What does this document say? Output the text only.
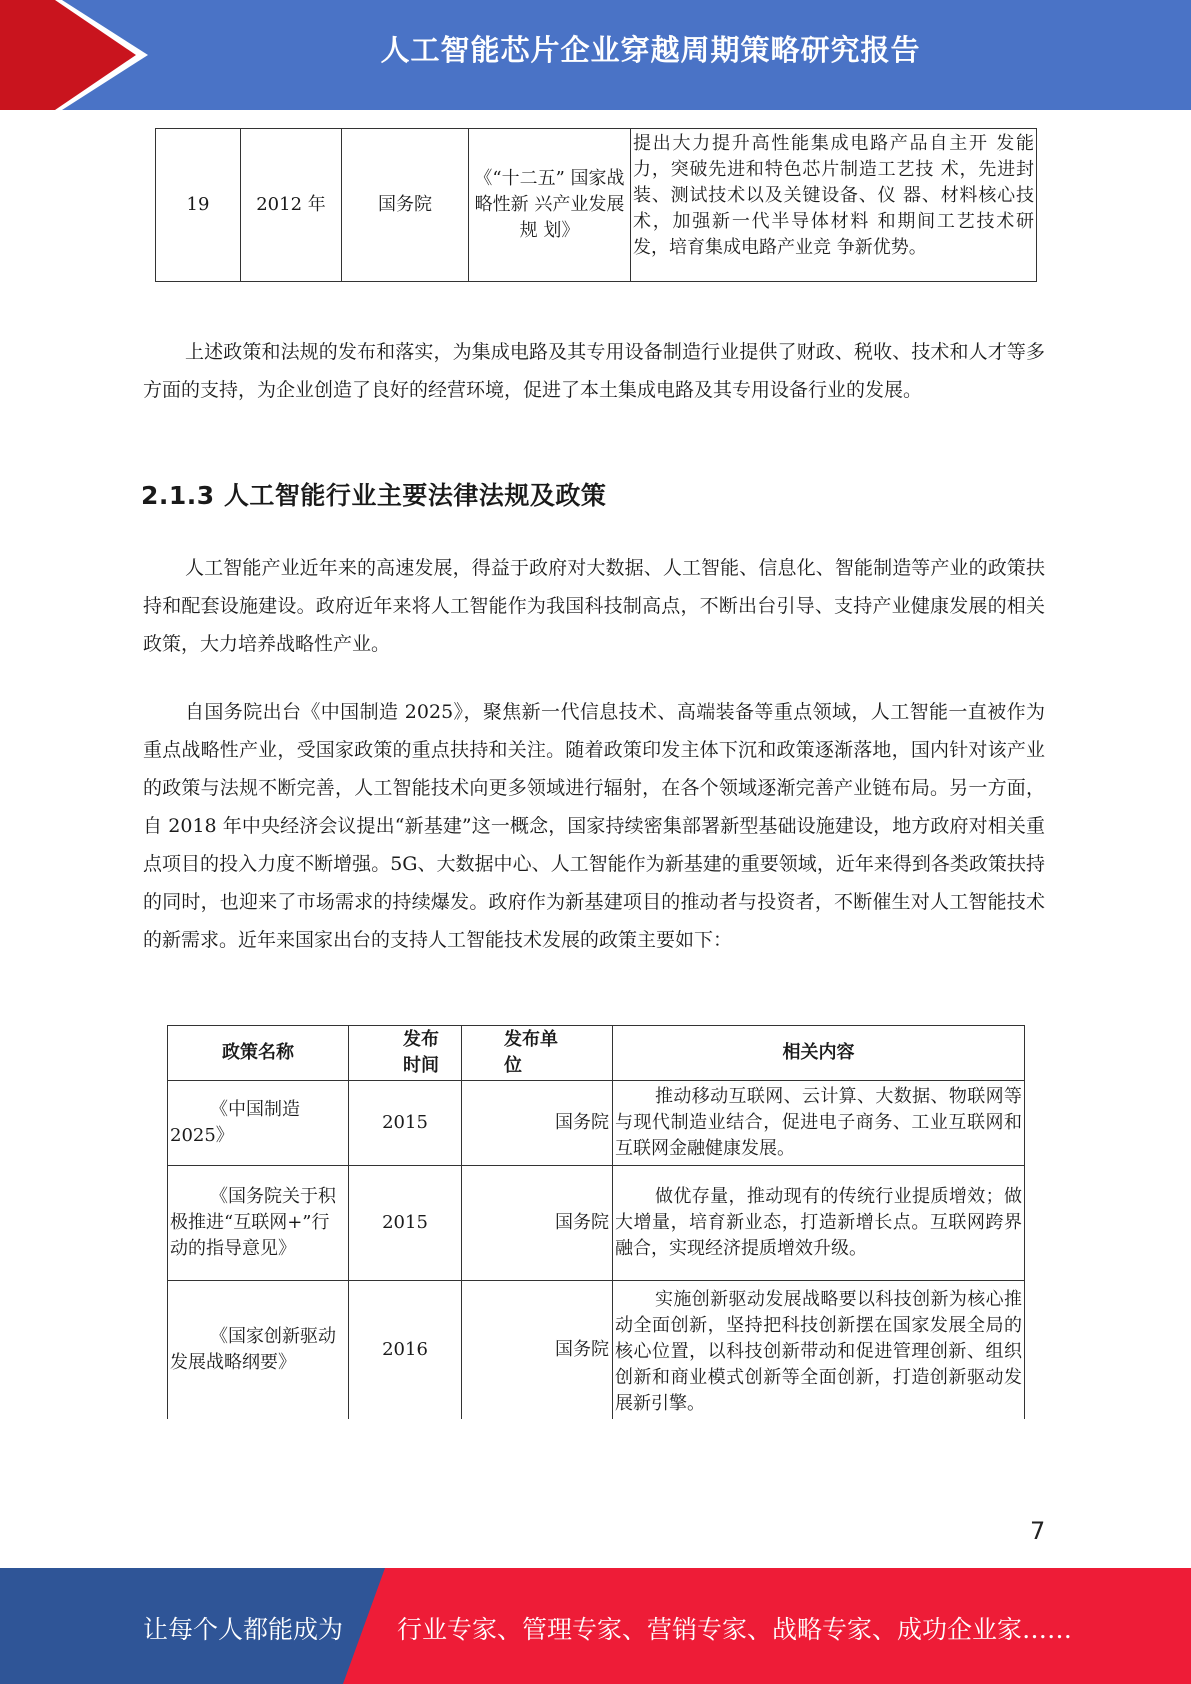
人工智能芯片企业穿越周期策略研究报告
19	2012 年	国务院	《“十二五” 国家战略性新 兴产业发展规 划》	提出大力提升高性能集成电路产品自主开 发能力，突破先进和特色芯片制造工艺技 术，先进封装、测试技术以及关键设备、仪 器、材料核心技术，加强新一代半导体材料 和期间工艺技术研发，培育集成电路产业竞 争新优势。

上述政策和法规的发布和落实，为集成电路及其专用设备制造行业提供了财政、税收、技术和人才等多方面的支持，为企业创造了良好的经营环境，促进了本土集成电路及其专用设备行业的发展。

2.1.3 人工智能行业主要法律法规及政策

人工智能产业近年来的高速发展，得益于政府对大数据、人工智能、信息化、智能制造等产业的政策扶持和配套设施建设。政府近年来将人工智能作为我国科技制高点，不断出台引导、支持产业健康发展的相关政策，大力培养战略性产业。

自国务院出台《中国制造 2025》，聚焦新一代信息技术、高端装备等重点领域，人工智能一直被作为重点战略性产业，受国家政策的重点扶持和关注。随着政策印发主体下沉和政策逐渐落地，国内针对该产业的政策与法规不断完善，人工智能技术向更多领域进行辐射，在各个领域逐渐完善产业链布局。另一方面，自 2018 年中央经济会议提出“新基建”这一概念，国家持续密集部署新型基础设施建设，地方政府对相关重点项目的投入力度不断增强。5G、大数据中心、人工智能作为新基建的重要领域，近年来得到各类政策扶持的同时，也迎来了市场需求的持续爆发。政府作为新基建项目的推动者与投资者，不断催生对人工智能技术的新需求。近年来国家出台的支持人工智能技术发展的政策主要如下：

政策名称	发布时间	发布单位	相关内容
《中国制造 2025》	2015	国务院	推动移动互联网、云计算、大数据、物联网等与现代制造业结合，促进电子商务、工业互联网和互联网金融健康发展。

《国务院关于积极推进“互联网+”行动的指导意见》	2015	国务院	做优存量，推动现有的传统行业提质增效；做大增量，培育新业态，打造新增长点。互联网跨界融合，实现经济提质增效升级。
《国家创新驱动发展战略纲要》	2016	国务院	实施创新驱动发展战略要以科技创新为核心推动全面创新，坚持把科技创新摆在国家发展全局的核心位置，以科技创新带动和促进管理创新、组织创新和商业模式创新等全面创新，打造创新驱动发展新引擎。
7
让每个人都能成为 行业专家、管理专家、营销专家、战略专家、成功企业家……
